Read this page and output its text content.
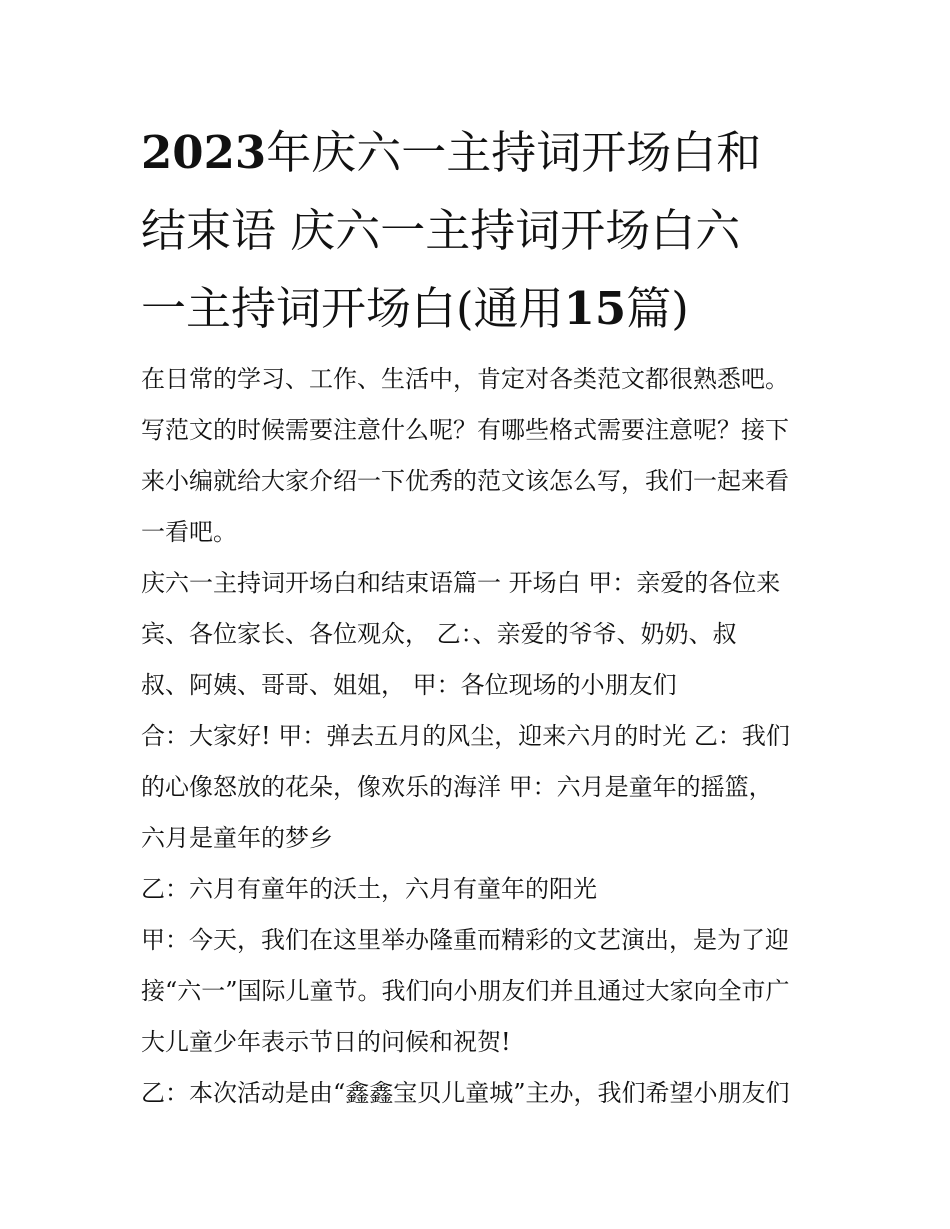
2023年庆六一主持词开场白和
结束语 庆六一主持词开场白六
一主持词开场白(通用15篇)
在日常的学习、工作、生活中，肯定对各类范文都很熟悉吧。
写范文的时候需要注意什么呢？有哪些格式需要注意呢？接下
来小编就给大家介绍一下优秀的范文该怎么写，我们一起来看
一看吧。
庆六一主持词开场白和结束语篇一 开场白 甲：亲爱的各位来
宾、各位家长、各位观众， 乙：、亲爱的爷爷、奶奶、叔
叔、阿姨、哥哥、姐姐， 甲：各位现场的小朋友们
合：大家好! 甲：弹去五月的风尘，迎来六月的时光 乙：我们
的心像怒放的花朵，像欢乐的海洋 甲：六月是童年的摇篮，
六月是童年的梦乡
乙：六月有童年的沃土，六月有童年的阳光
甲：今天，我们在这里举办隆重而精彩的文艺演出，是为了迎
接“六一”国际儿童节。我们向小朋友们并且通过大家向全市广
大儿童少年表示节日的问候和祝贺!
乙：本次活动是由“鑫鑫宝贝儿童城”主办，我们希望小朋友们
